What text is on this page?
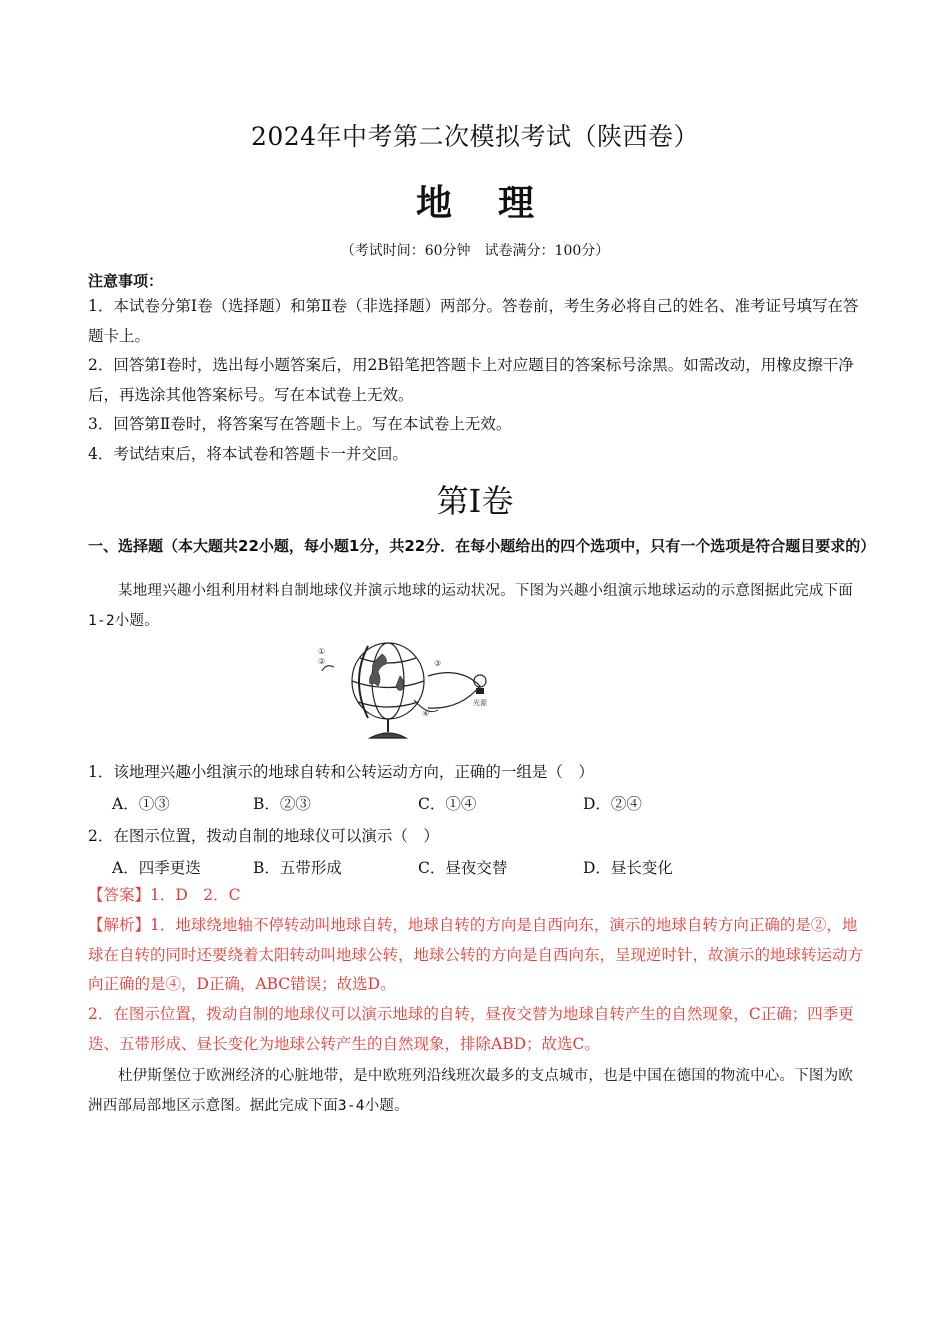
2024年中考第二次模拟考试（陕西卷）
地 理
（考试时间：60分钟　试卷满分：100分）
注意事项：
1．本试卷分第Ⅰ卷（选择题）和第Ⅱ卷（非选择题）两部分。答卷前，考生务必将自己的姓名、准考证号填写在答题卡上。
2．回答第Ⅰ卷时，选出每小题答案后，用2B铅笔把答题卡上对应题目的答案标号涂黑。如需改动，用橡皮擦干净后，再选涂其他答案标号。写在本试卷上无效。
3．回答第Ⅱ卷时，将答案写在答题卡上。写在本试卷上无效。
4．考试结束后，将本试卷和答题卡一并交回。
第Ⅰ卷
一、选择题（本大题共22小题，每小题1分，共22分．在每小题给出的四个选项中，只有一个选项是符合题目要求的）
某地理兴趣小组利用材料自制地球仪并演示地球的运动状况。下图为兴趣小组演示地球运动的示意图据此完成下面1-2小题。
①
②	③
④
光源
1．该地理兴趣小组演示的地球自转和公转运动方向，正确的一组是（　）
A．①③	B．②③	C．①④	D．②④
2．在图示位置，拨动自制的地球仪可以演示（　）
A．四季更迭	B．五带形成	C．昼夜交替	D．昼长变化
【答案】1．D　2．C
【解析】1．地球绕地轴不停转动叫地球自转，地球自转的方向是自西向东，演示的地球自转方向正确的是②，地球在自转的同时还要绕着太阳转动叫地球公转，地球公转的方向是自西向东，呈现逆时针，故演示的地球转运动方向正确的是④，D正确，ABC错误；故选D。
2．在图示位置，拨动自制的地球仪可以演示地球的自转，昼夜交替为地球自转产生的自然现象，C正确；四季更迭、五带形成、昼长变化为地球公转产生的自然现象，排除ABD；故选C。
杜伊斯堡位于欧洲经济的心脏地带，是中欧班列沿线班次最多的支点城市，也是中国在德国的物流中心。下图为欧洲西部局部地区示意图。据此完成下面3-4小题。
